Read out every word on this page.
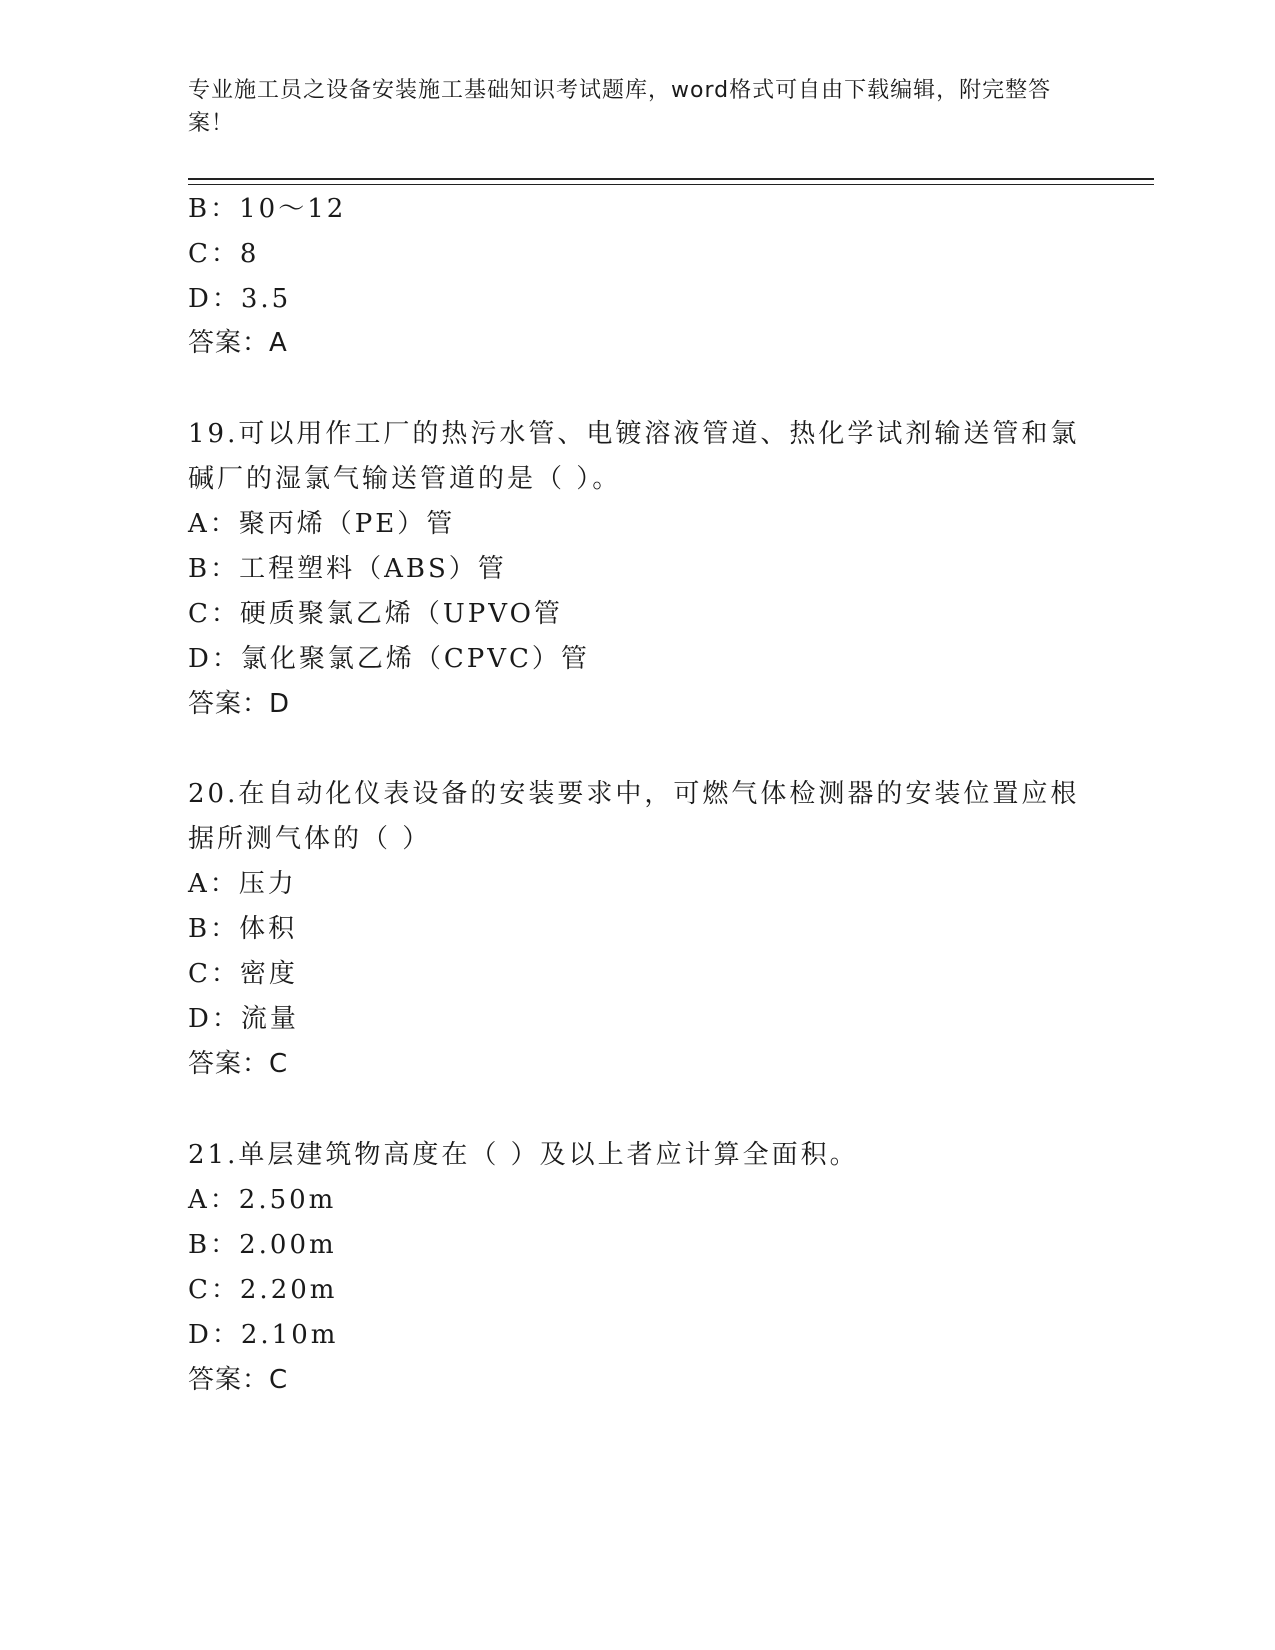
专业施工员之设备安装施工基础知识考试题库，word格式可自由下载编辑，附完整答案！
B：10～12
C：8
D：3.5
答案：A
19.可以用作工厂的热污水管、电镀溶液管道、热化学试剂输送管和氯
碱厂的湿氯气输送管道的是（ ）。
A：聚丙烯（PE）管
B：工程塑料（ABS）管
C：硬质聚氯乙烯（UPVO管
D：氯化聚氯乙烯（CPVC）管
答案：D
20.在自动化仪表设备的安装要求中，可燃气体检测器的安装位置应根
据所测气体的（ ）
A：压力
B：体积
C：密度
D：流量
答案：C
21.单层建筑物高度在（ ）及以上者应计算全面积。
A：2.50m
B：2.00m
C：2.20m
D：2.10m
答案：C
